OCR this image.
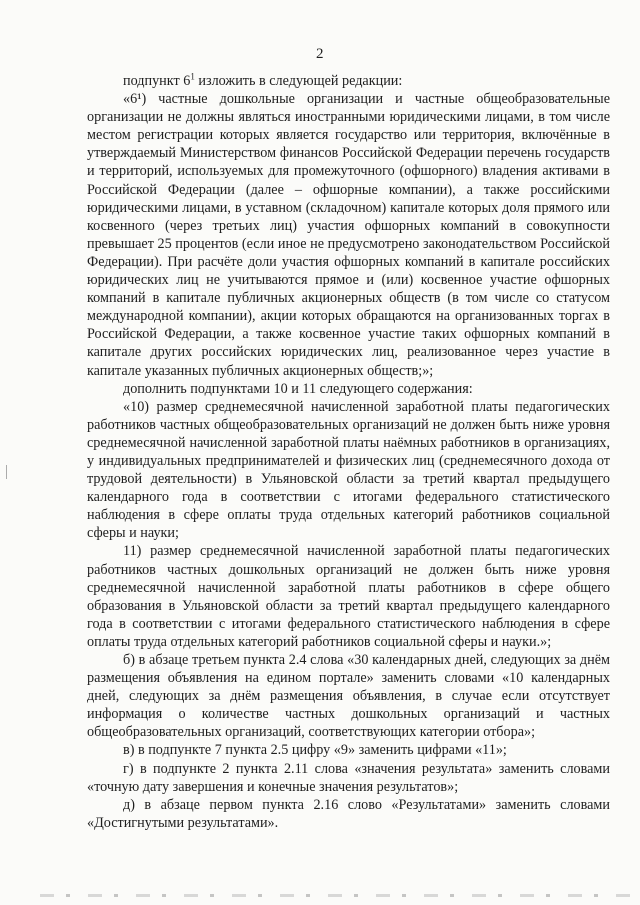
2

подпункт $6^1$ изложить в следующей редакции:

«6¹) частные дошкольные организации и частные общеобразовательные организации не должны являться иностранными юридическими лицами, в том числе местом регистрации которых является государство или территория, включённые в утверждаемый Министерством финансов Российской Федерации перечень государств и территорий, используемых для промежуточного (офшорного) владения активами в Российской Федерации (далее – офшорные компании), а также российскими юридическими лицами, в уставном (складочном) капитале которых доля прямого или косвенного (через третьих лиц) участия офшорных компаний в совокупности превышает 25 процентов (если иное не предусмотрено законодательством Российской Федерации). При расчёте доли участия офшорных компаний в капитале российских юридических лиц не учитываются прямое и (или) косвенное участие офшорных компаний в капитале публичных акционерных обществ (в том числе со статусом международной компании), акции которых обращаются на организованных торгах в Российской Федерации, а также косвенное участие таких офшорных компаний в капитале других российских юридических лиц, реализованное через участие в капитале указанных публичных акционерных обществ;»;

дополнить подпунктами 10 и 11 следующего содержания:

«10) размер среднемесячной начисленной заработной платы педагогических работников частных общеобразовательных организаций не должен быть ниже уровня среднемесячной начисленной заработной платы наёмных работников в организациях, у индивидуальных предпринимателей и физических лиц (среднемесячного дохода от трудовой деятельности) в Ульяновской области за третий квартал предыдущего календарного года в соответствии с итогами федерального статистического наблюдения в сфере оплаты труда отдельных категорий работников социальной сферы и науки;

11) размер среднемесячной начисленной заработной платы педагогических работников частных дошкольных организаций не должен быть ниже уровня среднемесячной начисленной заработной платы работников в сфере общего образования в Ульяновской области за третий квартал предыдущего календарного года в соответствии с итогами федерального статистического наблюдения в сфере оплаты труда отдельных категорий работников социальной сферы и науки.»;

б) в абзаце третьем пункта 2.4 слова «30 календарных дней, следующих за днём размещения объявления на едином портале» заменить словами «10 календарных дней, следующих за днём размещения объявления, в случае если отсутствует информация о количестве частных дошкольных организаций и частных общеобразовательных организаций, соответствующих категории отбора»;

в) в подпункте 7 пункта 2.5 цифру «9» заменить цифрами «11»;

г) в подпункте 2 пункта 2.11 слова «значения результата» заменить словами «точную дату завершения и конечные значения результатов»;

д) в абзаце первом пункта 2.16 слово «Результатами» заменить словами «Достигнутыми результатами».
